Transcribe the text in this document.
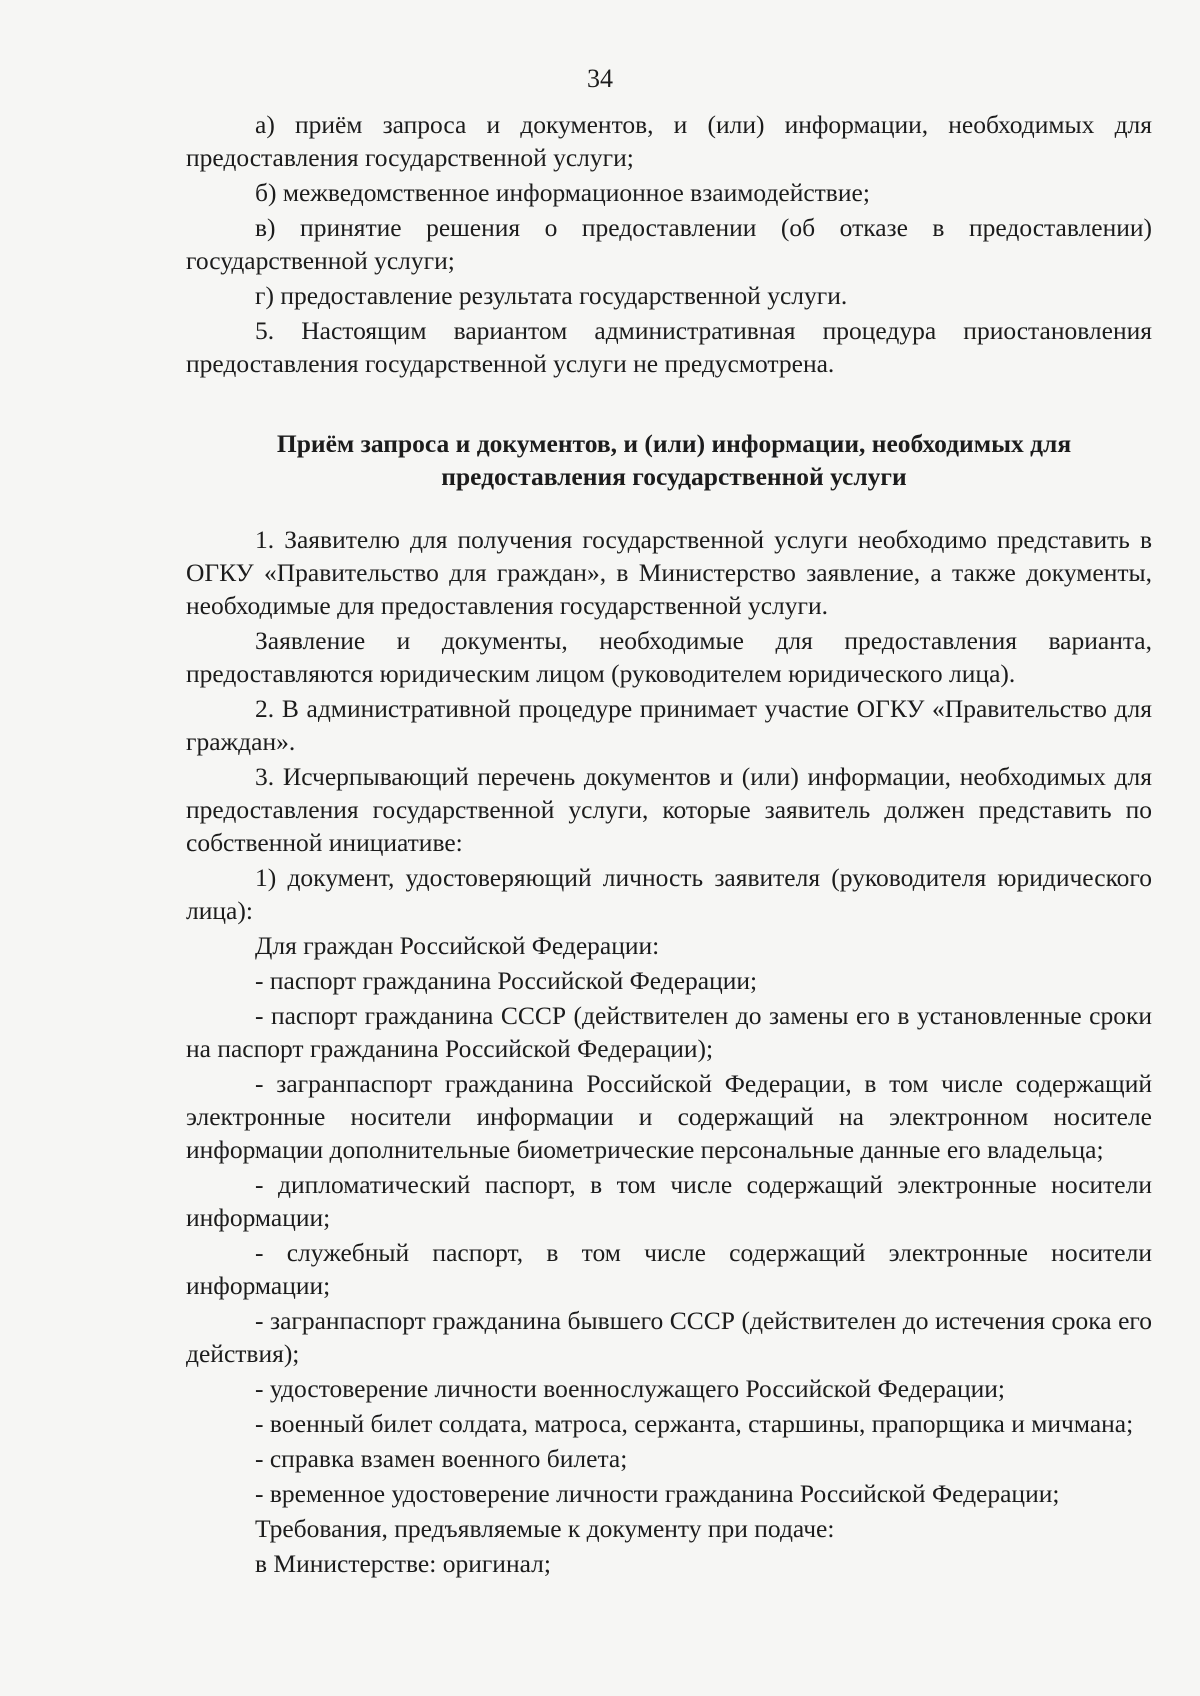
34

а) приём запроса и документов, и (или) информации, необходимых для предоставления государственной услуги;

б) межведомственное информационное взаимодействие;

в) принятие решения о предоставлении (об отказе в предоставлении) государственной услуги;

г) предоставление результата государственной услуги.

5. Настоящим вариантом административная процедура приостановления предоставления государственной услуги не предусмотрена.

Приём запроса и документов, и (или) информации, необходимых для предоставления государственной услуги

1. Заявителю для получения государственной услуги необходимо представить в ОГКУ «Правительство для граждан», в Министерство заявление, а также документы, необходимые для предоставления государственной услуги.

Заявление и документы, необходимые для предоставления варианта, предоставляются юридическим лицом (руководителем юридического лица).

2. В административной процедуре принимает участие ОГКУ «Правительство для граждан».

3. Исчерпывающий перечень документов и (или) информации, необходимых для предоставления государственной услуги, которые заявитель должен представить по собственной инициативе:

1) документ, удостоверяющий личность заявителя (руководителя юридического лица):

Для граждан Российской Федерации:

- паспорт гражданина Российской Федерации;

- паспорт гражданина СССР (действителен до замены его в установленные сроки на паспорт гражданина Российской Федерации);

- загранпаспорт гражданина Российской Федерации, в том числе содержащий электронные носители информации и содержащий на электронном носителе информации дополнительные биометрические персональные данные его владельца;

- дипломатический паспорт, в том числе содержащий электронные носители информации;

- служебный паспорт, в том числе содержащий электронные носители информации;

- загранпаспорт гражданина бывшего СССР (действителен до истечения срока его действия);

- удостоверение личности военнослужащего Российской Федерации;

- военный билет солдата, матроса, сержанта, старшины, прапорщика и мичмана;

- справка взамен военного билета;

- временное удостоверение личности гражданина Российской Федерации;

Требования, предъявляемые к документу при подаче:

в Министерстве: оригинал;
